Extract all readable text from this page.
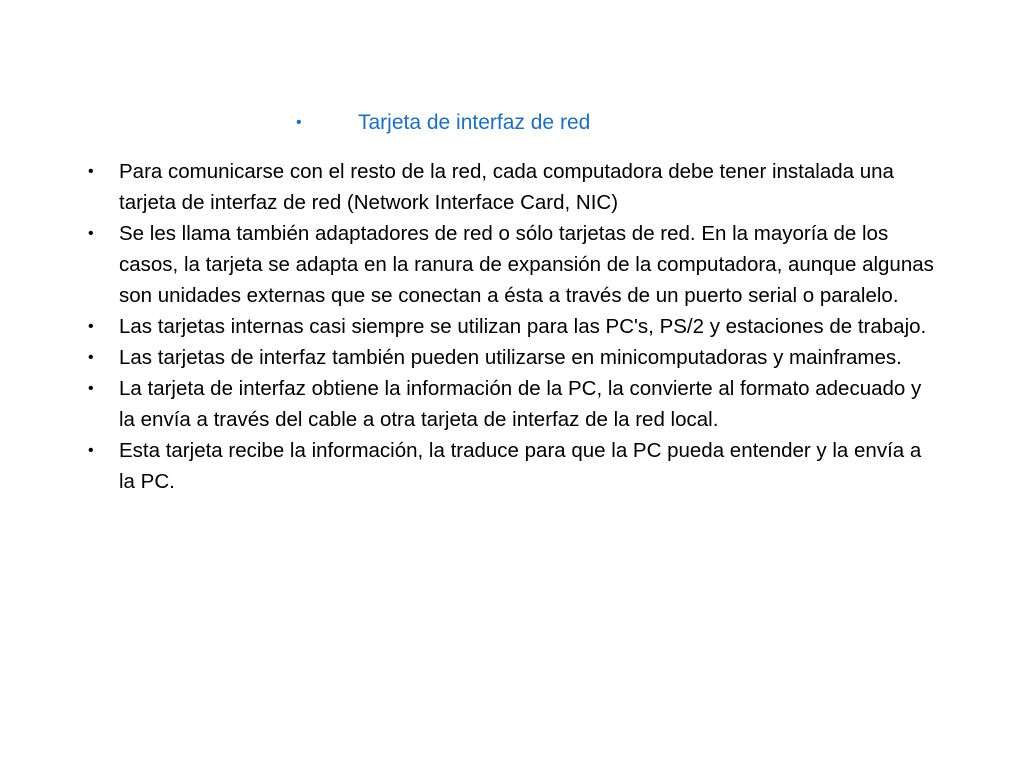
•	Tarjeta de interfaz de red
•	Para comunicarse con el resto de la red, cada computadora debe tener instalada una tarjeta de interfaz de red (Network Interface Card, NIC)
•	Se les llama también adaptadores de red o sólo tarjetas de red. En la mayoría de los casos, la tarjeta se adapta en la ranura de expansión de la computadora, aunque algunas son unidades externas que se conectan a ésta a través de un puerto serial o paralelo.
•	Las tarjetas internas casi siempre se utilizan para las PC's, PS/2 y estaciones de trabajo.
•	Las tarjetas de interfaz también pueden utilizarse en minicomputadoras y mainframes.
•	La tarjeta de interfaz obtiene la información de la PC, la convierte al formato adecuado y la envía a través del cable a otra tarjeta de interfaz de la red local.
•	Esta tarjeta recibe la información, la traduce para que la PC pueda entender y la envía a la PC.
